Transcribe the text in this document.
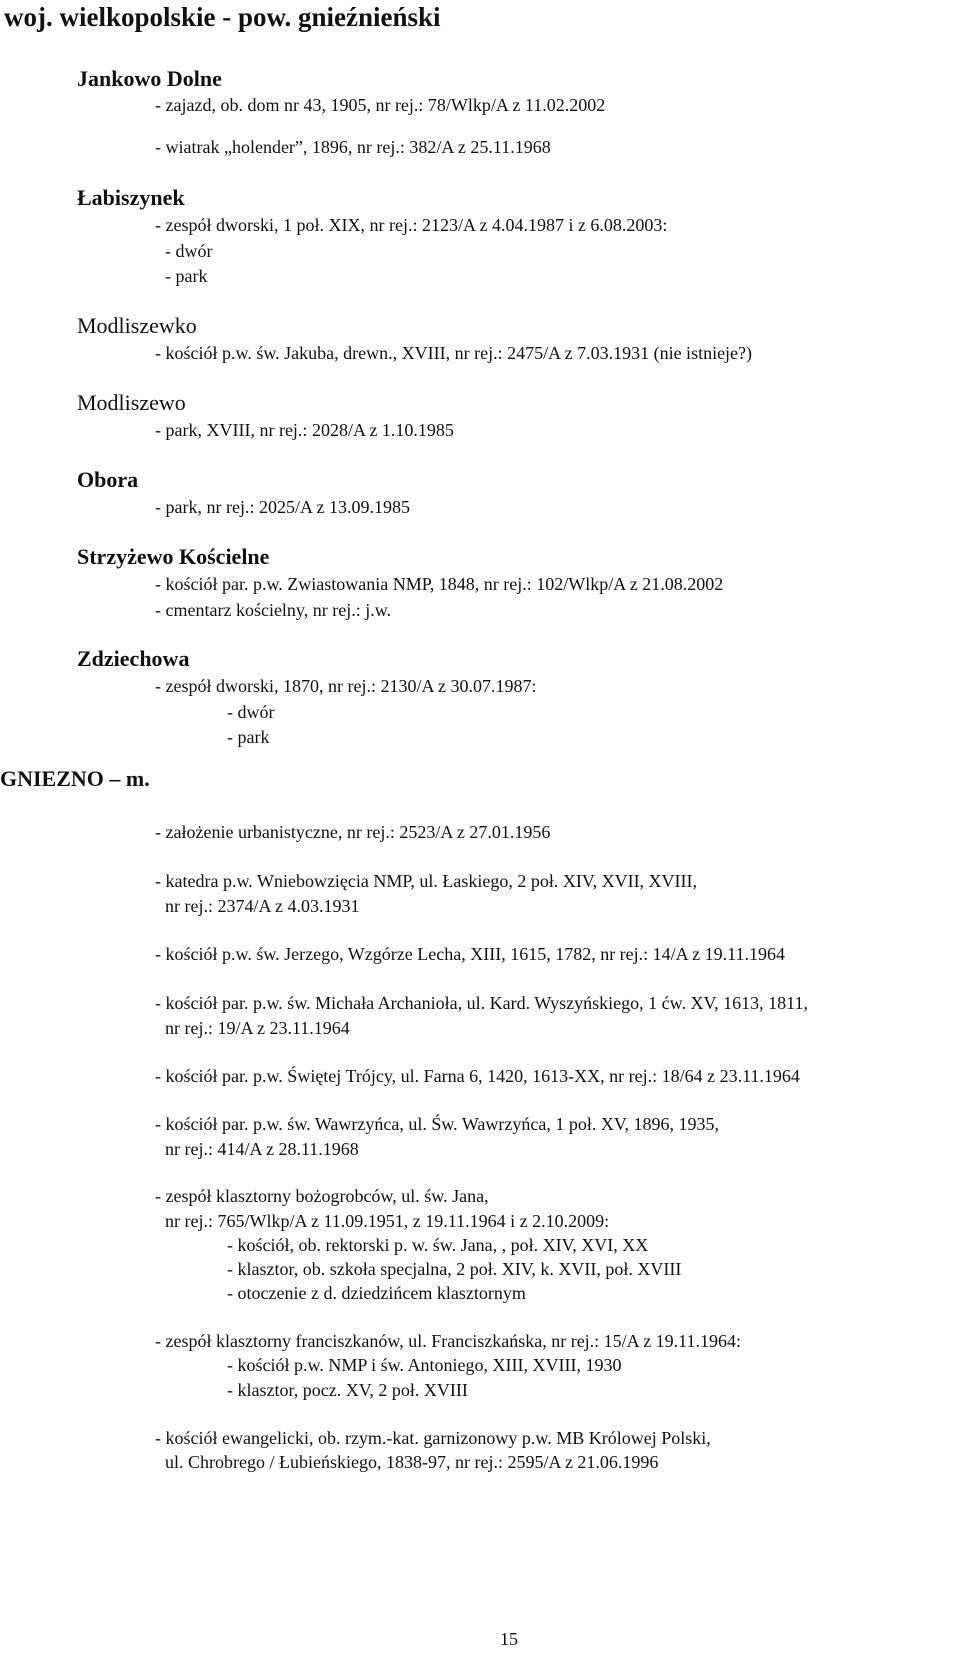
woj. wielkopolskie - pow. gnieźnieński
Jankowo Dolne
- zajazd, ob. dom nr 43, 1905, nr rej.: 78/Wlkp/A z 11.02.2002
- wiatrak „holender”, 1896, nr rej.: 382/A z 25.11.1968
Łabiszynek
- zespół dworski, 1 poł. XIX, nr rej.: 2123/A z 4.04.1987 i z 6.08.2003:
- dwór
- park
Modliszewko
- kościół p.w. św. Jakuba, drewn., XVIII, nr rej.: 2475/A z 7.03.1931 (nie istnieje?)
Modliszewo
- park, XVIII, nr rej.: 2028/A z 1.10.1985
Obora
- park, nr rej.: 2025/A z 13.09.1985
Strzyżewo Kościelne
- kościół par. p.w. Zwiastowania NMP, 1848, nr rej.: 102/Wlkp/A z 21.08.2002
- cmentarz kościelny, nr rej.: j.w.
Zdziechowa
- zespół dworski, 1870, nr rej.: 2130/A z 30.07.1987:
- dwór
- park
GNIEZNO – m.
- założenie urbanistyczne, nr rej.: 2523/A z 27.01.1956
- katedra p.w. Wniebowzięcia NMP, ul. Łaskiego, 2 poł. XIV, XVII, XVIII,
nr rej.: 2374/A z 4.03.1931
- kościół p.w. św. Jerzego, Wzgórze Lecha, XIII, 1615, 1782, nr rej.: 14/A z 19.11.1964
- kościół par. p.w. św. Michała Archanioła, ul. Kard. Wyszyńskiego, 1 ćw. XV, 1613, 1811,
nr rej.: 19/A z 23.11.1964
- kościół par. p.w. Świętej Trójcy, ul. Farna 6, 1420, 1613-XX, nr rej.: 18/64 z 23.11.1964
- kościół par. p.w. św. Wawrzyńca, ul. Św. Wawrzyńca, 1 poł. XV, 1896, 1935,
nr rej.: 414/A z 28.11.1968
- zespół klasztorny bożogrobców, ul. św. Jana,
nr rej.: 765/Wlkp/A z 11.09.1951, z 19.11.1964 i z 2.10.2009:
- kościół, ob. rektorski p. w. św. Jana, , poł. XIV, XVI, XX
- klasztor, ob. szkoła specjalna, 2 poł. XIV, k. XVII, poł. XVIII
- otoczenie z d. dziedzińcem klasztornym
- zespół klasztorny franciszkanów, ul. Franciszkańska, nr rej.: 15/A z 19.11.1964:
- kościół p.w. NMP i św. Antoniego, XIII, XVIII, 1930
- klasztor, pocz. XV, 2 poł. XVIII
- kościół ewangelicki, ob. rzym.-kat. garnizonowy p.w. MB Królowej Polski,
ul. Chrobrego / Łubieńskiego, 1838-97, nr rej.: 2595/A z 21.06.1996
15
